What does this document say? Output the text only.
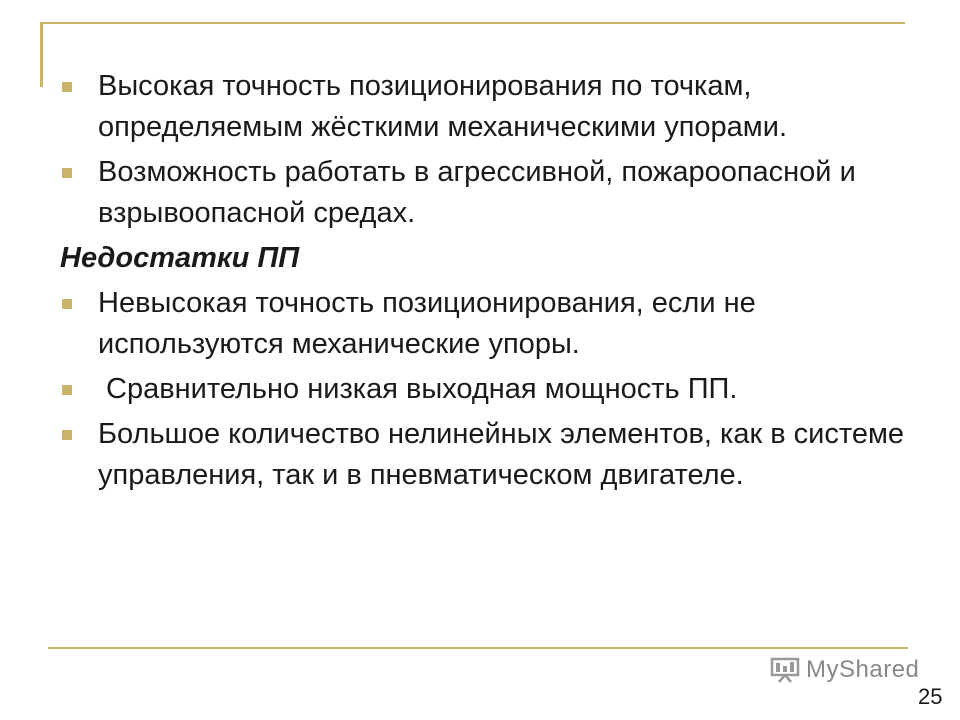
Высокая точность позиционирования по точкам, определяемым жёсткими механическими упорами.
Возможность работать в агрессивной, пожароопасной и взрывоопасной средах.
Недостатки ПП
Невысокая точность позиционирования, если не используются механические упоры.
Сравнительно низкая выходная мощность ПП.
Большое количество нелинейных элементов, как в системе управления, так и в пневматическом двигателе.
MyShared
25
